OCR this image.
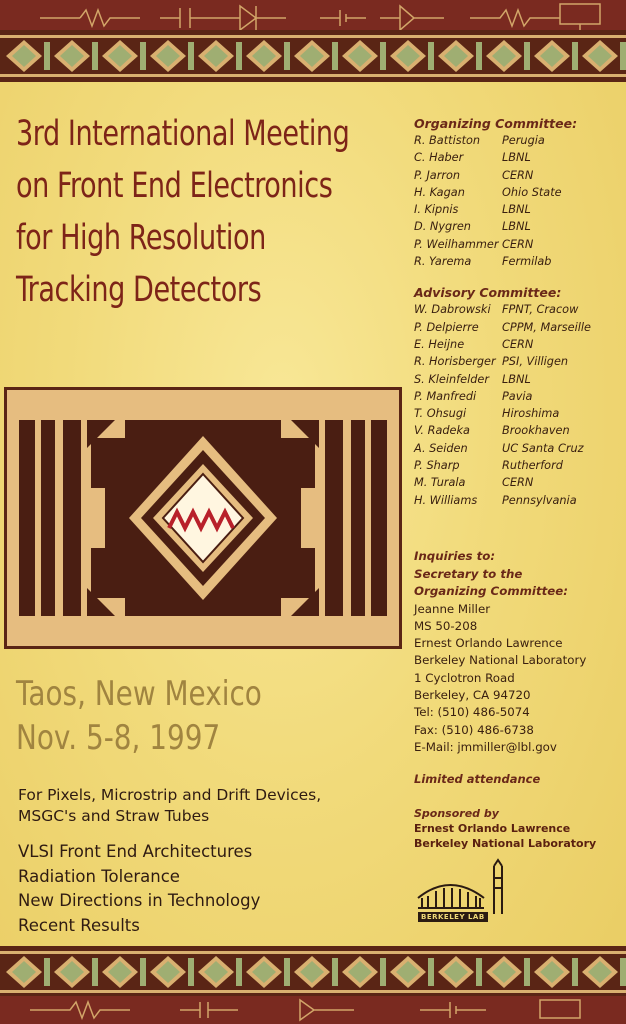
3rd International Meeting
on Front End Electronics
for High Resolution
Tracking Detectors
Taos, New Mexico
Nov. 5-8, 1997
For Pixels, Microstrip and Drift Devices,
MSGC's and Straw Tubes
VLSI Front End Architectures
Radiation Tolerance
New Directions in Technology
Recent Results
Organizing Committee:
R. Battiston	Perugia
C. Haber	LBNL
P. Jarron	CERN
H. Kagan	Ohio State
I. Kipnis	LBNL
D. Nygren	LBNL
P. Weilhammer CERN
R. Yarema	Fermilab
Advisory Committee:
W. Dabrowski	FPNT, Cracow
P. Delpierre	CPPM, Marseille
E. Heijne	CERN
R. Horisberger PSI, Villigen
S. Kleinfelder	LBNL
P. Manfredi	Pavia
T. Ohsugi	Hiroshima
V. Radeka	Brookhaven
A. Seiden	UC Santa Cruz
P. Sharp	Rutherford
M. Turala	CERN
H. Williams	Pennsylvania
Inquiries to:
Secretary to the
Organizing Committee:
Jeanne Miller
MS 50-208
Ernest Orlando Lawrence
Berkeley National Laboratory
1 Cyclotron Road
Berkeley, CA 94720
Tel: (510) 486-5074
Fax: (510) 486-6738
E-Mail: jmmiller@lbl.gov
Limited attendance
Sponsored by
Ernest Orlando Lawrence
Berkeley National Laboratory
BERKELEY LAB
